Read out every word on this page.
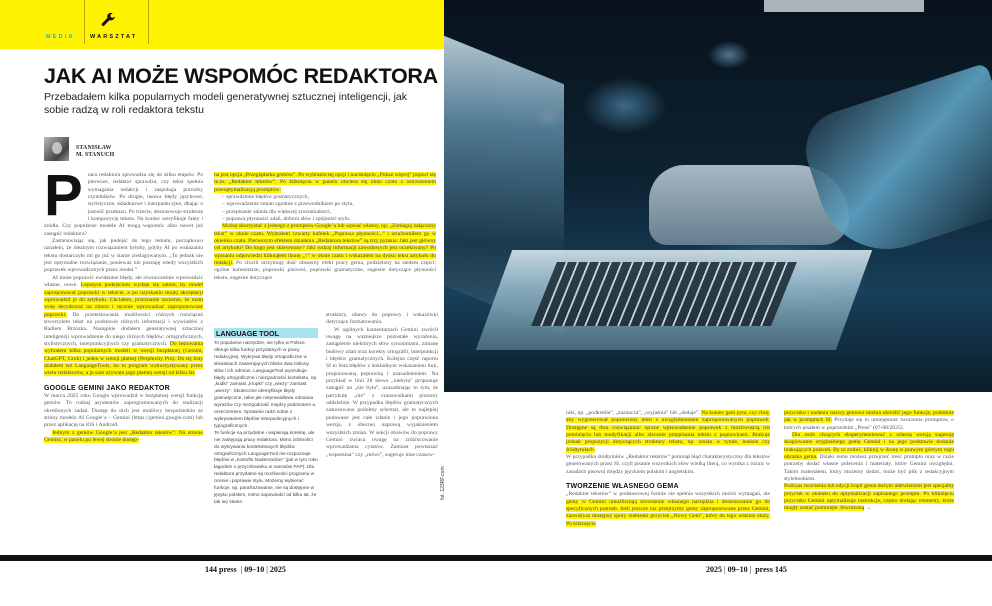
MEDIA	WARSZTAT
JAK AI MOŻE WSPOMÓC REDAKTORA
Przebadałem kilka popularnych modeli generatywnej sztucznej inteligencji, jak sobie radzą w roli redaktora tekstu
STANISŁAW
M. STANUCH

Praca redaktora sprowadza się do kilku etapów. Po pierwsze, redaktor sprawdza, czy tekst spełnia wymagania redakcji i zaspokaja potrzeby czytelników. Po drugie, usuwa błędy językowe, stylistyczne, składniowe i interpunkcyjne, dbając o jasność przekazu. Po trzecie, dostosowuje strukturę i kompozycję tekstu. Na koniec weryfikuje fakty i źródła. Czy popularne modele AI mogą wspomóc albo nawet już zastąpić redaktora?

Zastanawiając się, jak podejść do tego tematu, początkowo uznałem, że idealnym rozwiązaniem byłoby, gdyby AI po wskazaniu tekstu dostarczyło mi go już w stanie zredagowanym. „To jednak nie jest optymalne rozwiązanie, ponieważ nie poznaję wtedy wszystkich poprawek wprowadzonych przez model.”

AI może poprawić ewidentne błędy, ale równocześnie wprowadzić własne, nowe. Lepszym podejściem wydaje się zatem, by model zaproponował poprawki w tekście, a po uzyskaniu mojej akceptacji wprowadził je do artykułu. Chciałem, przeznanie szczerze, że mam wolę decydować na zimno i ręcznie wprowadzać zaproponowane poprawki. Do przetestowania możliwości różnych rozwiązań stworzyłem tekst na podstawie różnych informacji i wywiadów z Radiem Brzózka. Następnie dodałem generatywnej sztucznej inteligencji wprowadzenie do niego różnych błędów: ortograficznych, stylistycznych, interpunkcyjnych czy gramatycznych. Do testowania wybrałem kilka popularnych modeli w wersji bezpłatnej (Gemini, ChatGPT, Grok) i jeden w wersji płatnej (Perplexity Pro). Do tej listy dodałem też LanguageTools, bo to program wykorzystywany przez wielu redaktorów, a ja sam używam jego płatnej wersji od kilku lat.

GOOGLE GEMINI JAKO REDAKTOR

W marcu 2025 roku Google wprowadził w bezpłatnej wersji funkcję gemów. To rodzaj asystentów zaprogramowanych do realizacji określonych zadań. Dostęp do nich jest możliwy bezpośrednio ze strony modelu AI Google’a – Gemini (https://gemini.google.com) lub przez aplikację na iOS i Android.

Jednym z gemów Google’a jest „Redaktor tekstów”. Na stronie Gemini, w panelu po lewej stronie dostęp-

na jest opcja „Przeglądarka gemów”. Po wybraniu tej opcji i naciśnięciu „Pokaż więcej” pojawi się m.in. „Redaktor tekstów”. Po kliknięciu w panelu otwiera się okno czatu z ostrzeżeniem przeoptymalizacją promptów:

– sprawdzenie błędów gramatycznych,
– wprowadzenie zmian zgodnie z przewodnikiem po stylu,
– przepisanie zdania dla większej zrozumiałości,
– poprawa płynności zdań, doboru słów i spójności stylu.

Można skorzystać z jednego z promptów Google’a lub wpisać własny, np. „Zredaguj załączony tekst” w oknie czatu. Wybrałem czwarty kafelek „Poprawa płynności...” i uruchomiłem go w okienku czatu. Pierwszym efektem działania „Redaktora tekstów” są trzy pytania: Jaki jest główny cel artykułu? Do kogo jest skierowany? Jaki rodzaj informacji zawodowych jest oczekiwany? Po wpisaniu odpowiedzi kliknąłem ikonę „↑” w oknie czatu i wskazałem na dysku tekst artykułu do redakcji. Po chwili otrzymuję dość obszerny efekt pracy gema, podzielony na siedem części: ogólne komentarze, poprawki pisowni, poprawki gramatyczne, sugestie dotyczące płynności tekstu, sugestie dotyczące

LANGUAGE TOOL

To popularne narzędzie, nie tylko w Polsce, oferuje kilka funkcji przydatnych w pracy redakcyjnej. Wykrywa błędy ortograficzne w słownikach zawierających blisko dwa miliony słów i ich odmian. LanguageTool wyszukuje błędy ortograficzne i niezgodności kontekstu, np. „kudki” zamiast „kropki” czy „wieży” zamiast „wierzy”. Skutecznie identyfikuje błędy gramatyczne, takie jak nieprawidłowa odmiana wyrazów czy niezgodność między podmiotem a orzeczeniem. Sprawnie radzi sobie z wykrywaniem błędów interpunkcyjnych i typograficznych.

Te funkcje są przydatne i wspierają korektę, ale nie zastępują pracy redaktora. Mimo zdolności do wykrywania kontekstowych błędów ortograficznych LanguageTool nie rozpoznaje błędów w „Kartoflo Nadervacilov” (jak w tym roku łagodnie o przyczłowieku w narratów PAP). Dla redaktora przydatne są możliwości programu w ocenie i poprawie stylu. Możemy wybierać funkcje, np. parafrazowanie, nie są dostępne w języku polskim, mimo zapowiedzi od kilku lat, że tak się stanie.

struktury, obawy do poprawy i wskazówki dotyczące formatowania.

W ogólnych komentarzach Gemini zwrócił uwagę na ważniejsze pozostałe wyrażenia, zastąpienie niektórych słów synonimami, zmianę budowy zdań oraz korekty ortografii, interpunkcji i błędów gramatycznych. Kolejna część raportu SI to lista błędów z dokładnym wskazaniem linii, proponowaną poprawką i uzasadnieniem. Na przykład w linii 28 słowo „niebyła” proponuje zastąpić na „nie była”, uzasadniając to tym, że partykułę „nie” z czasownikami piszemy oddzielnie. W przypadku błędów gramatycznych zastosowano podobny schemat, ale to najlepiej podawane jest całe zdanie i jego poprawiona wersja, z obecnej naprawą wyjaśnieniem wszystkich zmian. W sekcji obawów do poprawy Gemini zwraca uwagę na zróżnicowanie wprowadzania cytatów. Zamiast powtarzać „wspomina” czy „mówi”, sugeruje inne czasow-

fot. 123RF.com

niki, np. „podkreśla”, „zaznacza”, „wyjaśnia” lub „dodaje”. Na koniec gem pyta, czy chcę, aby wygenerował poprawiony tekst z uwzględnieniem zaproponowanych poprawek. Dostępne są dwa rozwiązania: ręczne wprowadzenie poprawek z możliwością ich pominięcia lub modyfikacji albo zlecenie przepisania tekstu z poprawkami. Brakuje jednak propozycji dotyczących struktury tekstu, np. zmian w tytule, leadzie czy śródtytułach.

W przypadku śródtytułów „Redaktor tekstów” pominął błąd charakterystyczny dla tekstów generowanych przez SI, czyli pisanie wszystkich słów wielką literą, co wynika z różnic w zasadach pisowni między językiem polskim i angielskim.

TWORZENIE WŁASNEGO GEMA

„Redaktor tekstów” w podstawowej formie nie spełnia wszystkich moich wymagań, ale gemy w Gemini umożliwiają stworzenie własnego narzędzia i dostosowanie go do specyficznych potrzeb. Jeśli jeszcze raz przejrzymy gemy zaproponowane przez Gemini, zauważysz dostępny spory niebieski przycisk „Nowy Gem”, który do tego właśnie służy. Po kliknięciu

przycisku i nadaniu nazwy gemowi można określić jego funkcje, podobnie jak w promptach SI. Przydaje się tu umiejętność tworzenia promptów, o których pisałem w poprzednim „Press” (07-08/2025).

Dla osób chcących eksperymentować z własną wersją sugeruję skopiowanie oryginalnego gema Gemini i na jego podstawie dodanie brakujących poleceń. By to zrobić, kliknij w ikonę w prawym górnym rogu obrazka gema. Dzięki temu możesz przejrzeć treść promptu oraz w razie potrzeby dodać własne polecenia i materiały, które Gemini uwzględni. Takim materiałem, który możemy dodać, może być plik z redakcyjnym stylebookiem.

Podczas tworzenia lub edycji kopii gema dużym ułatwieniem jest specjalny przycisk w okienku do optymalizacji zapisanego promptu. Po kliknięciu przycisku Gemini optymalizuje instrukcje, często dodając elementy, które mogły zostać pominięte. Stworzoną →

144 press | 09–10 | 2025	2025 | 09–10 | press 145
